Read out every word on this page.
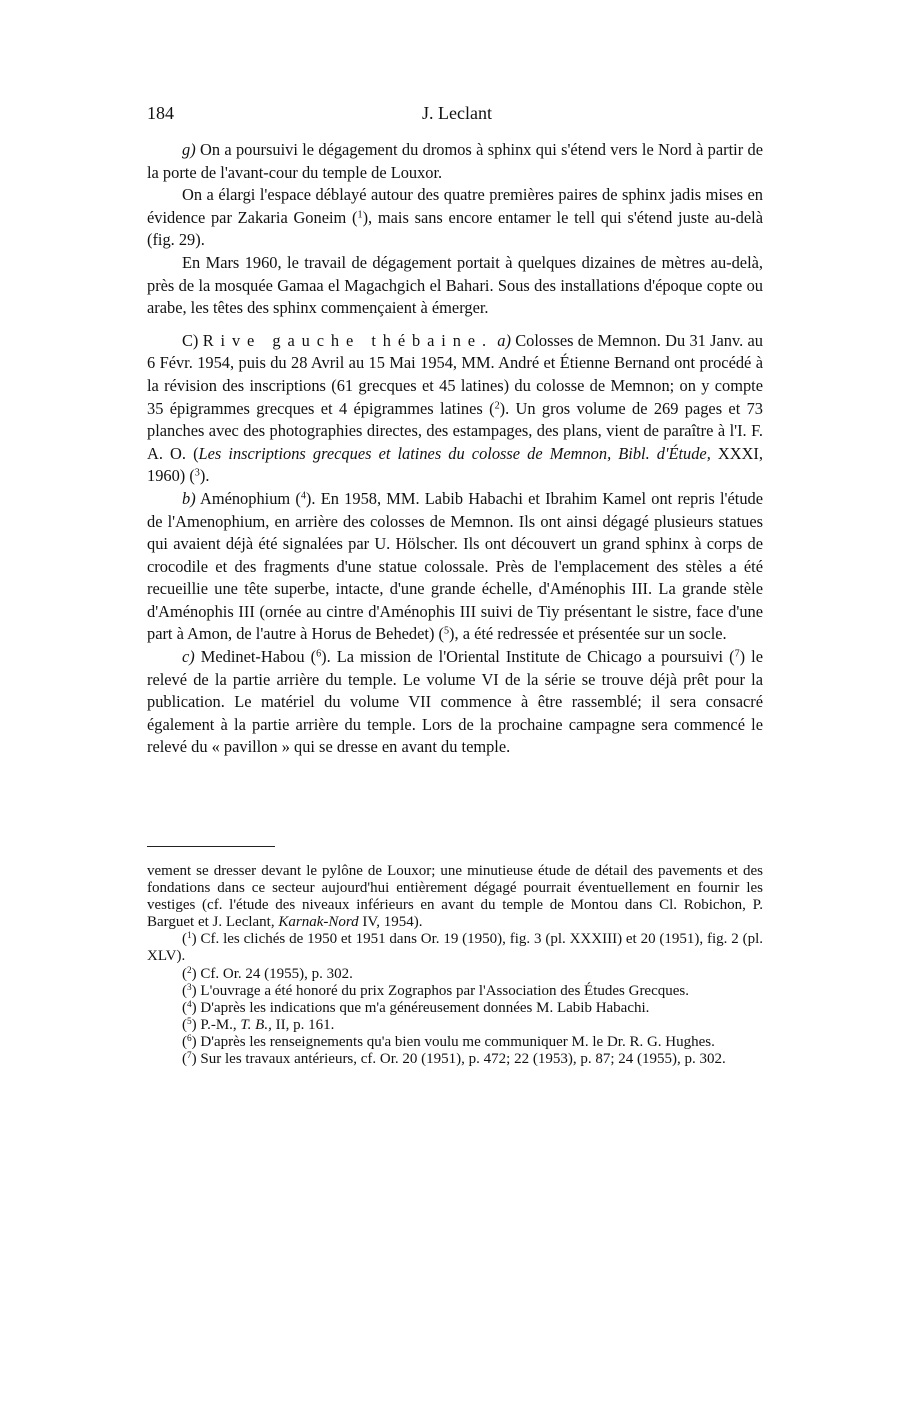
184	J. Leclant

g) On a poursuivi le dégagement du dromos à sphinx qui s'étend vers le Nord à partir de la porte de l'avant-cour du temple de Louxor.

On a élargi l'espace déblayé autour des quatre premières paires de sphinx jadis mises en évidence par Zakaria Goneim ($^1$), mais sans encore entamer le tell qui s'étend juste au-delà (fig. 29).

En Mars 1960, le travail de dégagement portait à quelques dizaines de mètres au-delà, près de la mosquée Gamaa el Magachgich el Bahari. Sous des installations d'époque copte ou arabe, les têtes des sphinx commençaient à émerger.

C) Rive gauche thébaine. a) Colosses de Memnon. Du 31 Janv. au 6 Févr. 1954, puis du 28 Avril au 15 Mai 1954, MM. André et Étienne Bernand ont procédé à la révision des inscriptions (61 grecques et 45 latines) du colosse de Memnon; on y compte 35 épigrammes grecques et 4 épigrammes latines ($^2$). Un gros volume de 269 pages et 73 planches avec des photographies directes, des estampages, des plans, vient de paraître à l'I. F. A. O. (Les inscriptions grecques et latines du colosse de Memnon, Bibl. d'Étude, XXXI, 1960) ($^3$).

b) Aménophium ($^4$). En 1958, MM. Labib Habachi et Ibrahim Kamel ont repris l'étude de l'Amenophium, en arrière des colosses de Memnon. Ils ont ainsi dégagé plusieurs statues qui avaient déjà été signalées par U. Hölscher. Ils ont découvert un grand sphinx à corps de crocodile et des fragments d'une statue colossale. Près de l'emplacement des stèles a été recueillie une tête superbe, intacte, d'une grande échelle, d'Aménophis III. La grande stèle d'Aménophis III (ornée au cintre d'Aménophis III suivi de Tiy présentant le sistre, face d'une part à Amon, de l'autre à Horus de Behedet) ($^5$), a été redressée et présentée sur un socle.

c) Medinet-Habou ($^6$). La mission de l'Oriental Institute de Chicago a poursuivi ($^7$) le relevé de la partie arrière du temple. Le volume VI de la série se trouve déjà prêt pour la publication. Le matériel du volume VII commence à être rassemblé; il sera consacré également à la partie arrière du temple. Lors de la prochaine campagne sera commencé le relevé du « pavillon » qui se dresse en avant du temple.

vement se dresser devant le pylône de Louxor; une minutieuse étude de détail des pavements et des fondations dans ce secteur aujourd'hui entièrement dégagé pourrait éventuellement en fournir les vestiges (cf. l'étude des niveaux inférieurs en avant du temple de Montou dans Cl. Robichon, P. Barguet et J. Leclant, Karnak-Nord IV, 1954).

($^1$) Cf. les clichés de 1950 et 1951 dans Or. 19 (1950), fig. 3 (pl. XXXIII) et 20 (1951), fig. 2 (pl. XLV).

($^2$) Cf. Or. 24 (1955), p. 302.

($^3$) L'ouvrage a été honoré du prix Zographos par l'Association des Études Grecques.

($^4$) D'après les indications que m'a généreusement données M. Labib Habachi.

($^5$) P.-M., T. B., II, p. 161.

($^6$) D'après les renseignements qu'a bien voulu me communiquer M. le Dr. R. G. Hughes.

($^7$) Sur les travaux antérieurs, cf. Or. 20 (1951), p. 472; 22 (1953), p. 87; 24 (1955), p. 302.
